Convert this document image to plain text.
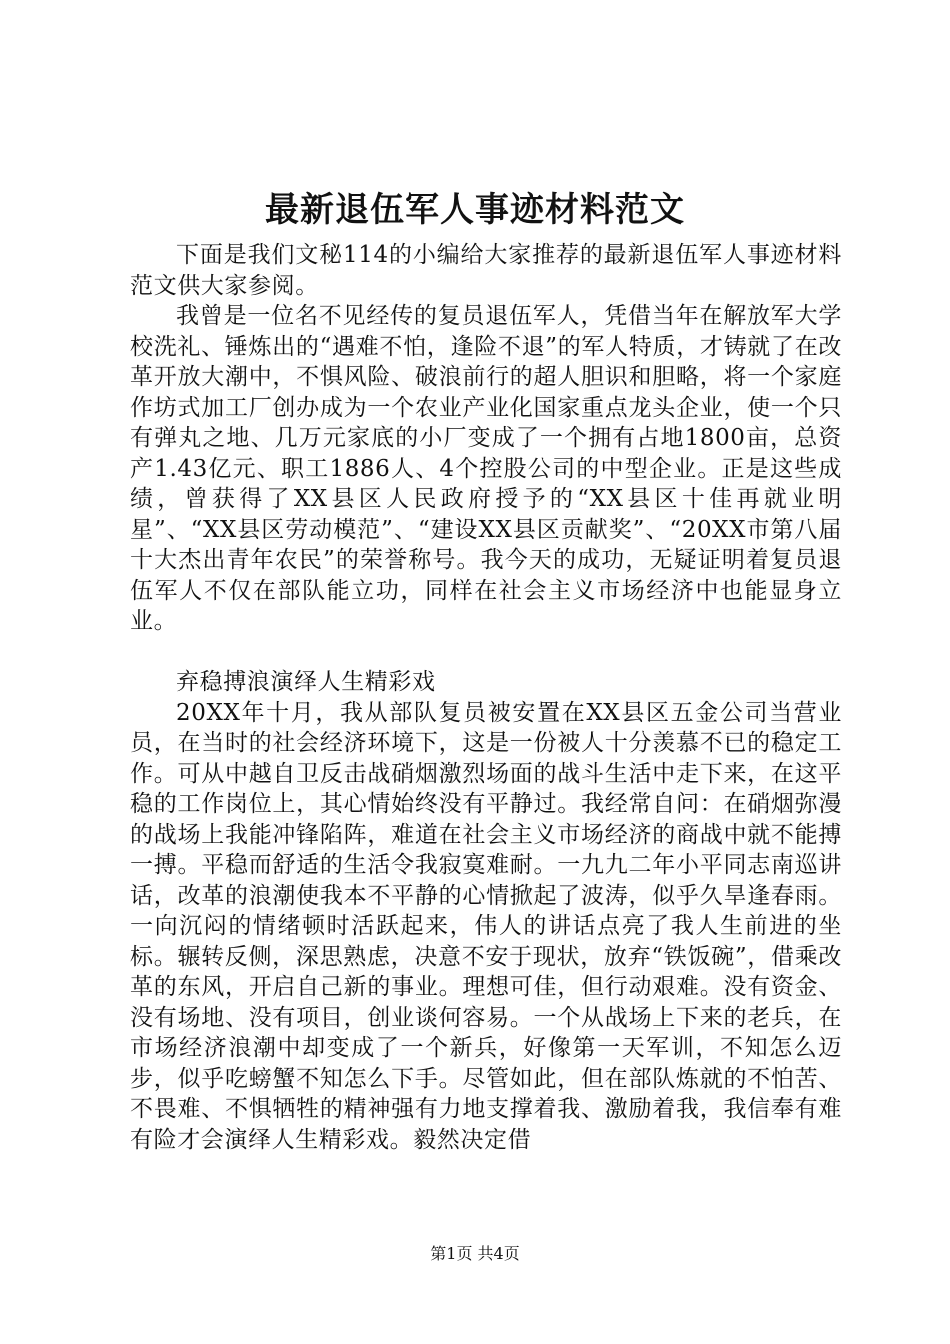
最新退伍军人事迹材料范文

下面是我们文秘114的小编给大家推荐的最新退伍军人事迹材料范文供大家参阅。

我曾是一位名不见经传的复员退伍军人，凭借当年在解放军大学校洗礼、锤炼出的“遇难不怕，逢险不退”的军人特质，才铸就了在改革开放大潮中，不惧风险、破浪前行的超人胆识和胆略，将一个家庭作坊式加工厂创办成为一个农业产业化国家重点龙头企业，使一个只有弹丸之地、几万元家底的小厂变成了一个拥有占地1800亩，总资产1.43亿元、职工1886人、4个控股公司的中型企业。正是这些成绩，曾获得了XX县区人民政府授予的“XX县区十佳再就业明星”、“XX县区劳动模范”、“建设XX县区贡献奖”、“20XX市第八届十大杰出青年农民”的荣誉称号。我今天的成功，无疑证明着复员退伍军人不仅在部队能立功，同样在社会主义市场经济中也能显身立业。

弃稳搏浪演绎人生精彩戏

20XX年十月，我从部队复员被安置在XX县区五金公司当营业员，在当时的社会经济环境下，这是一份被人十分羡慕不已的稳定工作。可从中越自卫反击战硝烟激烈场面的战斗生活中走下来，在这平稳的工作岗位上，其心情始终没有平静过。我经常自问：在硝烟弥漫的战场上我能冲锋陷阵，难道在社会主义市场经济的商战中就不能搏一搏。平稳而舒适的生活令我寂寞难耐。一九九二年小平同志南巡讲话，改革的浪潮使我本不平静的心情掀起了波涛，似乎久旱逢春雨。一向沉闷的情绪顿时活跃起来，伟人的讲话点亮了我人生前进的坐标。辗转反侧，深思熟虑，决意不安于现状，放弃“铁饭碗”，借乘改革的东风，开启自己新的事业。理想可佳，但行动艰难。没有资金、没有场地、没有项目，创业谈何容易。一个从战场上下来的老兵，在市场经济浪潮中却变成了一个新兵，好像第一天军训，不知怎么迈步，似乎吃螃蟹不知怎么下手。尽管如此，但在部队炼就的不怕苦、不畏难、不惧牺牲的精神强有力地支撑着我、激励着我，我信奉有难有险才会演绎人生精彩戏。毅然决定借

第1页 共4页
